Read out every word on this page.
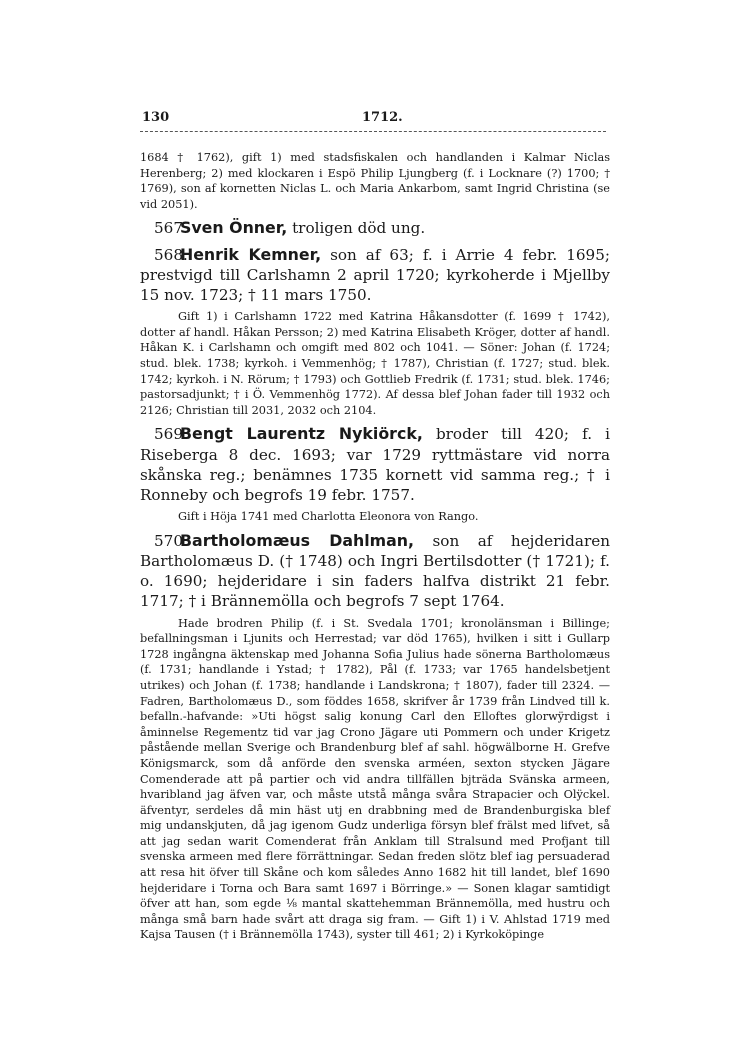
130	1712.

1684 † 1762), gift 1) med stadsfiskalen och handlanden i Kalmar Niclas Herenberg; 2) med klockaren i Espö Philip Ljungberg (f. i Locknare (?) 1700; † 1769), son af kornetten Niclas L. och Maria Ankarbom, samt Ingrid Christina (se vid 2051).

567.Sven Önner, troligen död ung.

568.Henrik Kemner, son af 63; f. i Arrie 4 febr. 1695; prestvigd till Carlshamn 2 april 1720; kyrkoherde i Mjellby 15 nov. 1723; † 11 mars 1750.

Gift 1) i Carlshamn 1722 med Katrina Håkansdotter (f. 1699 † 1742), dotter af handl. Håkan Persson; 2) med Katrina Elisabeth Kröger, dotter af handl. Håkan K. i Carlshamn och omgift med 802 och 1041. — Söner: Johan (f. 1724; stud. blek. 1738; kyrkoh. i Vemmenhög; † 1787), Christian (f. 1727; stud. blek. 1742; kyrkoh. i N. Rörum; † 1793) och Gottlieb Fredrik (f. 1731; stud. blek. 1746; pastorsadjunkt; † i Ö. Vemmenhög 1772). Af dessa blef Johan fader till 1932 och 2126; Christian till 2031, 2032 och 2104.

569.Bengt Laurentz Nykiörck, broder till 420; f. i Riseberga 8 dec. 1693; var 1729 ryttmästare vid norra skånska reg.; benämnes 1735 kornett vid samma reg.; † i Ronneby och begrofs 19 febr. 1757.

Gift i Höja 1741 med Charlotta Eleonora von Rango.

570.Bartholomæus Dahlman, son af hejderidaren Bartholomæus D. († 1748) och Ingri Bertilsdotter († 1721); f. o. 1690; hejderidare i sin faders halfva distrikt 21 febr. 1717; † i Brännemölla och begrofs 7 sept 1764.

Hade brodren Philip (f. i St. Svedala 1701; kronolänsman i Billinge; befallningsman i Ljunits och Herrestad; var död 1765), hvilken i sitt i Gullarp 1728 ingångna äktenskap med Johanna Sofia Julius hade sönerna Bartholomæus (f. 1731; handlande i Ystad; † 1782), Pål (f. 1733; var 1765 handelsbetjent utrikes) och Johan (f. 1738; handlande i Landskrona; † 1807), fader till 2324. — Fadren, Bartholomæus D., som föddes 1658, skrifver år 1739 från Lindved till k. befalln.-hafvande: »Uti högst salig konung Carl den Elloftes glorwÿrdigst i åminnelse Regementz tid var jag Crono Jägare uti Pommern och under Krigetz påstående mellan Sverige och Brandenburg blef af sahl. högwälborne H. Grefve Königsmarck, som då anförde den svenska arméen, sexton stycken Jägare Comenderade att på partier och vid andra tillfällen bjträda Svänska armeen, hvaribland jag äfven var, och måste utstå många svåra Strapacier och Olÿckel. äfventyr, serdeles då min häst utj en drabbning med de Brandenburgiska blef mig undanskjuten, då jag igenom Gudz underliga försyn blef frälst med lifvet, så att jag sedan warit Comenderat från Anklam till Stralsund med Profjant till svenska armeen med flere förrättningar. Sedan freden slötz blef iag persuaderad att resa hit öfver till Skåne och kom således Anno 1682 hit till landet, blef 1690 hejderidare i Torna och Bara samt 1697 i Börringe.» — Sonen klagar samtidigt öfver att han, som egde ⅛ mantal skattehemman Brännemölla, med hustru och många små barn hade svårt att draga sig fram. — Gift 1) i V. Ahlstad 1719 med Kajsa Tausen († i Brännemölla 1743), syster till 461; 2) i Kyrkoköpinge
